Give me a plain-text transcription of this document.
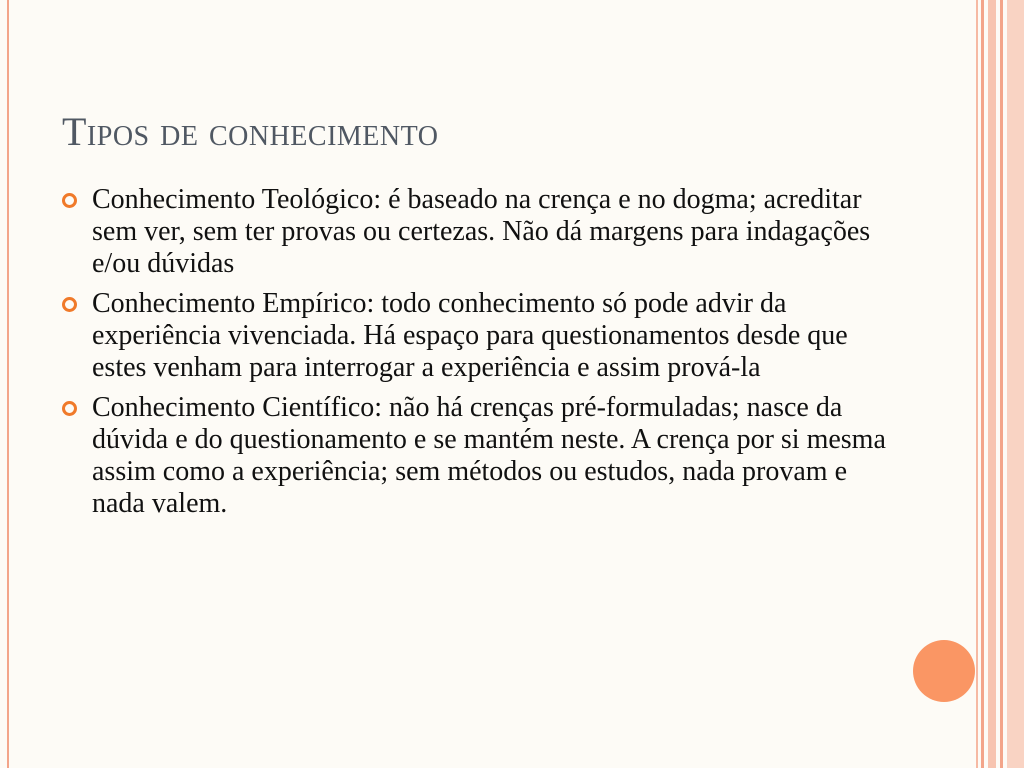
Tipos de conhecimento
Conhecimento Teológico: é baseado na crença e no dogma; acreditar sem ver, sem ter provas ou certezas. Não dá margens para indagações e/ou dúvidas
Conhecimento Empírico: todo conhecimento só pode advir da experiência vivenciada. Há espaço para questionamentos desde que estes venham para interrogar a experiência e assim prová-la
Conhecimento Científico: não há crenças pré-formuladas; nasce da dúvida e do questionamento e se mantém neste. A crença por si mesma assim como a experiência; sem métodos ou estudos, nada provam e nada valem.
